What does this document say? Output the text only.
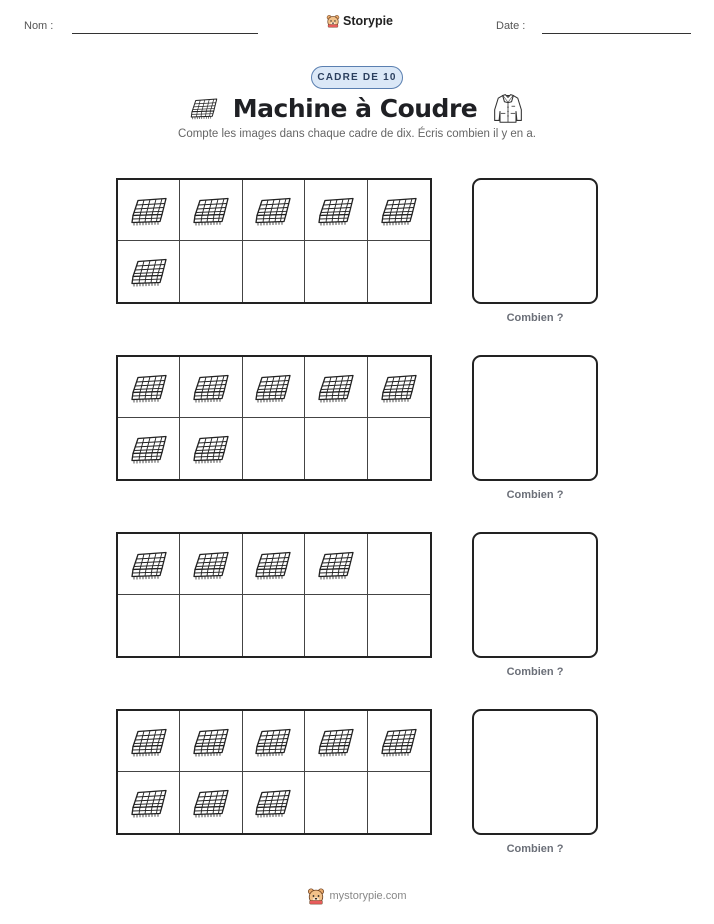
Nom :	Storypie	Date :
CADRE DE 10
Machine à Coudre
Compte les images dans chaque cadre de dix. Écris combien il y en a.
Combien ?
Combien ?
Combien ?
Combien ?
mystorypie.com
